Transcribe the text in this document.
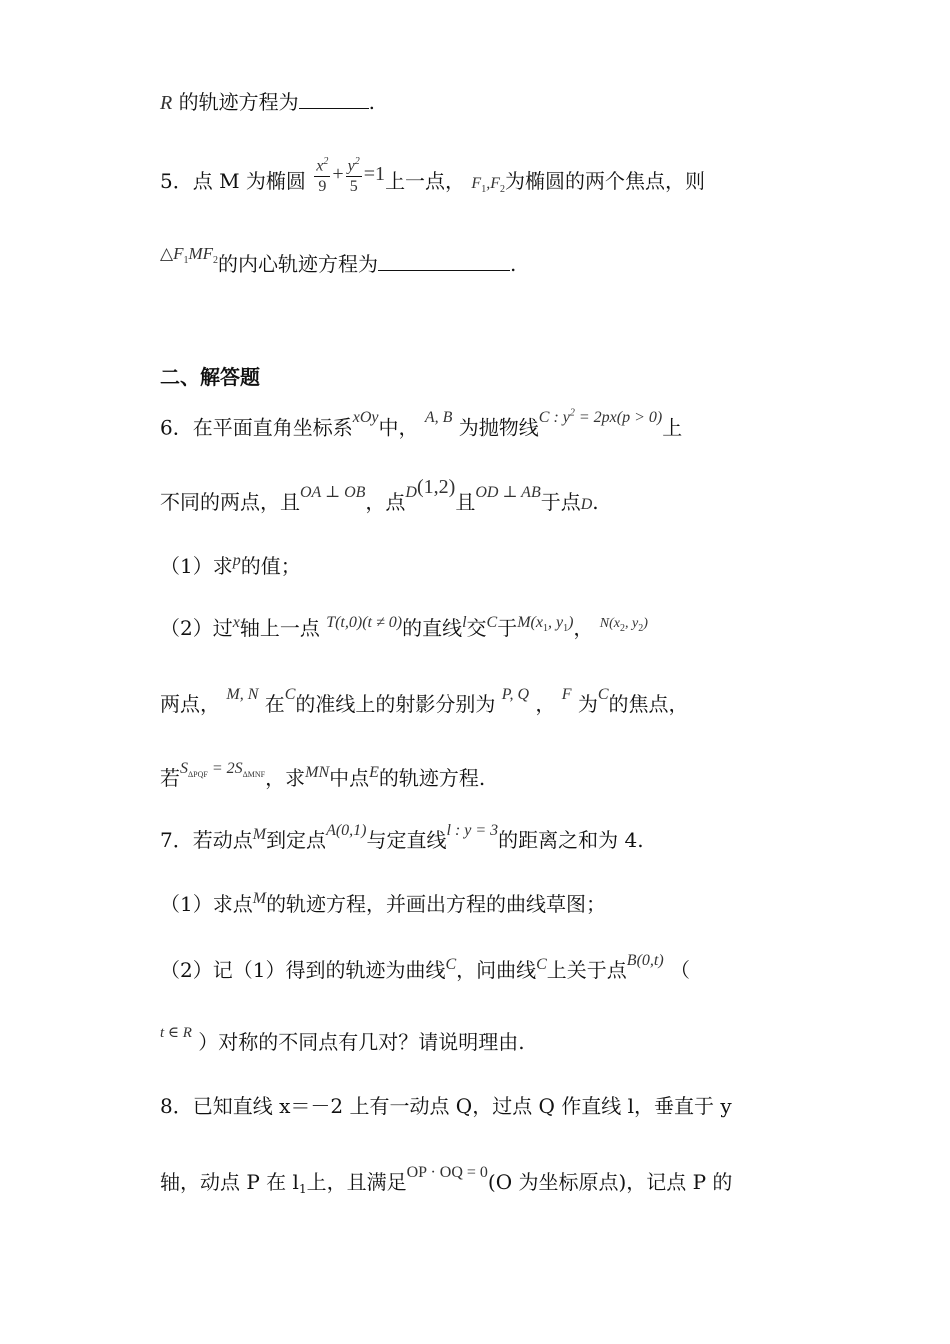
R 的轨迹方程为	.
5．点 M 为椭圆 $\frac{x^2}{9} + \frac{y^2}{5} =1$上一点， $F_1,F_2$为椭圆的两个焦点，则
$^{\triangle F_1MF_2}$的内心轨迹方程为	.
二、解答题
6．在平面直角坐标系$^{xOy}$中， $^{A, B}$ 为抛物线$^{C : y^2 = 2px(p > 0)}$上
不同的两点，且$^{OA \perp OB}$，点$^D$(1,2)且$^{OD \perp AB}$于点D.
（1）求$^p$的值；
（2）过$^x$轴上一点 $^{T(t,0)(t \ne 0)}$的直线$^l$交$^C$于$^{M(x_1, y_1)}$， $^{N(x_2, y_2)}$
两点， $^{M, N}$ 在$^C$的准线上的射影分别为 $^{P, Q}$ ， $^F$ 为$^C$的焦点，
若$^{S_{\Delta PQF} = 2S_{\Delta MNF}}$，求$^{MN}$中点$^E$的轨迹方程.
7．若动点$^M$到定点$^{A(0,1)}$与定直线$^{l : y = 3}$的距离之和为 4.
（1）求点$^M$的轨迹方程，并画出方程的曲线草图；
（2）记（1）得到的轨迹为曲线$^C$，问曲线$^C$上关于点$^{B(0,t)}$ （
$^{t \in R}$ ）对称的不同点有几对？请说明理由.
8．已知直线 x＝－2 上有一动点 Q，过点 Q 作直线 l，垂直于 y
轴，动点 P 在 $l_1$上，且满足$^{OP \cdot OQ = 0}$(O 为坐标原点)，记点 P 的
